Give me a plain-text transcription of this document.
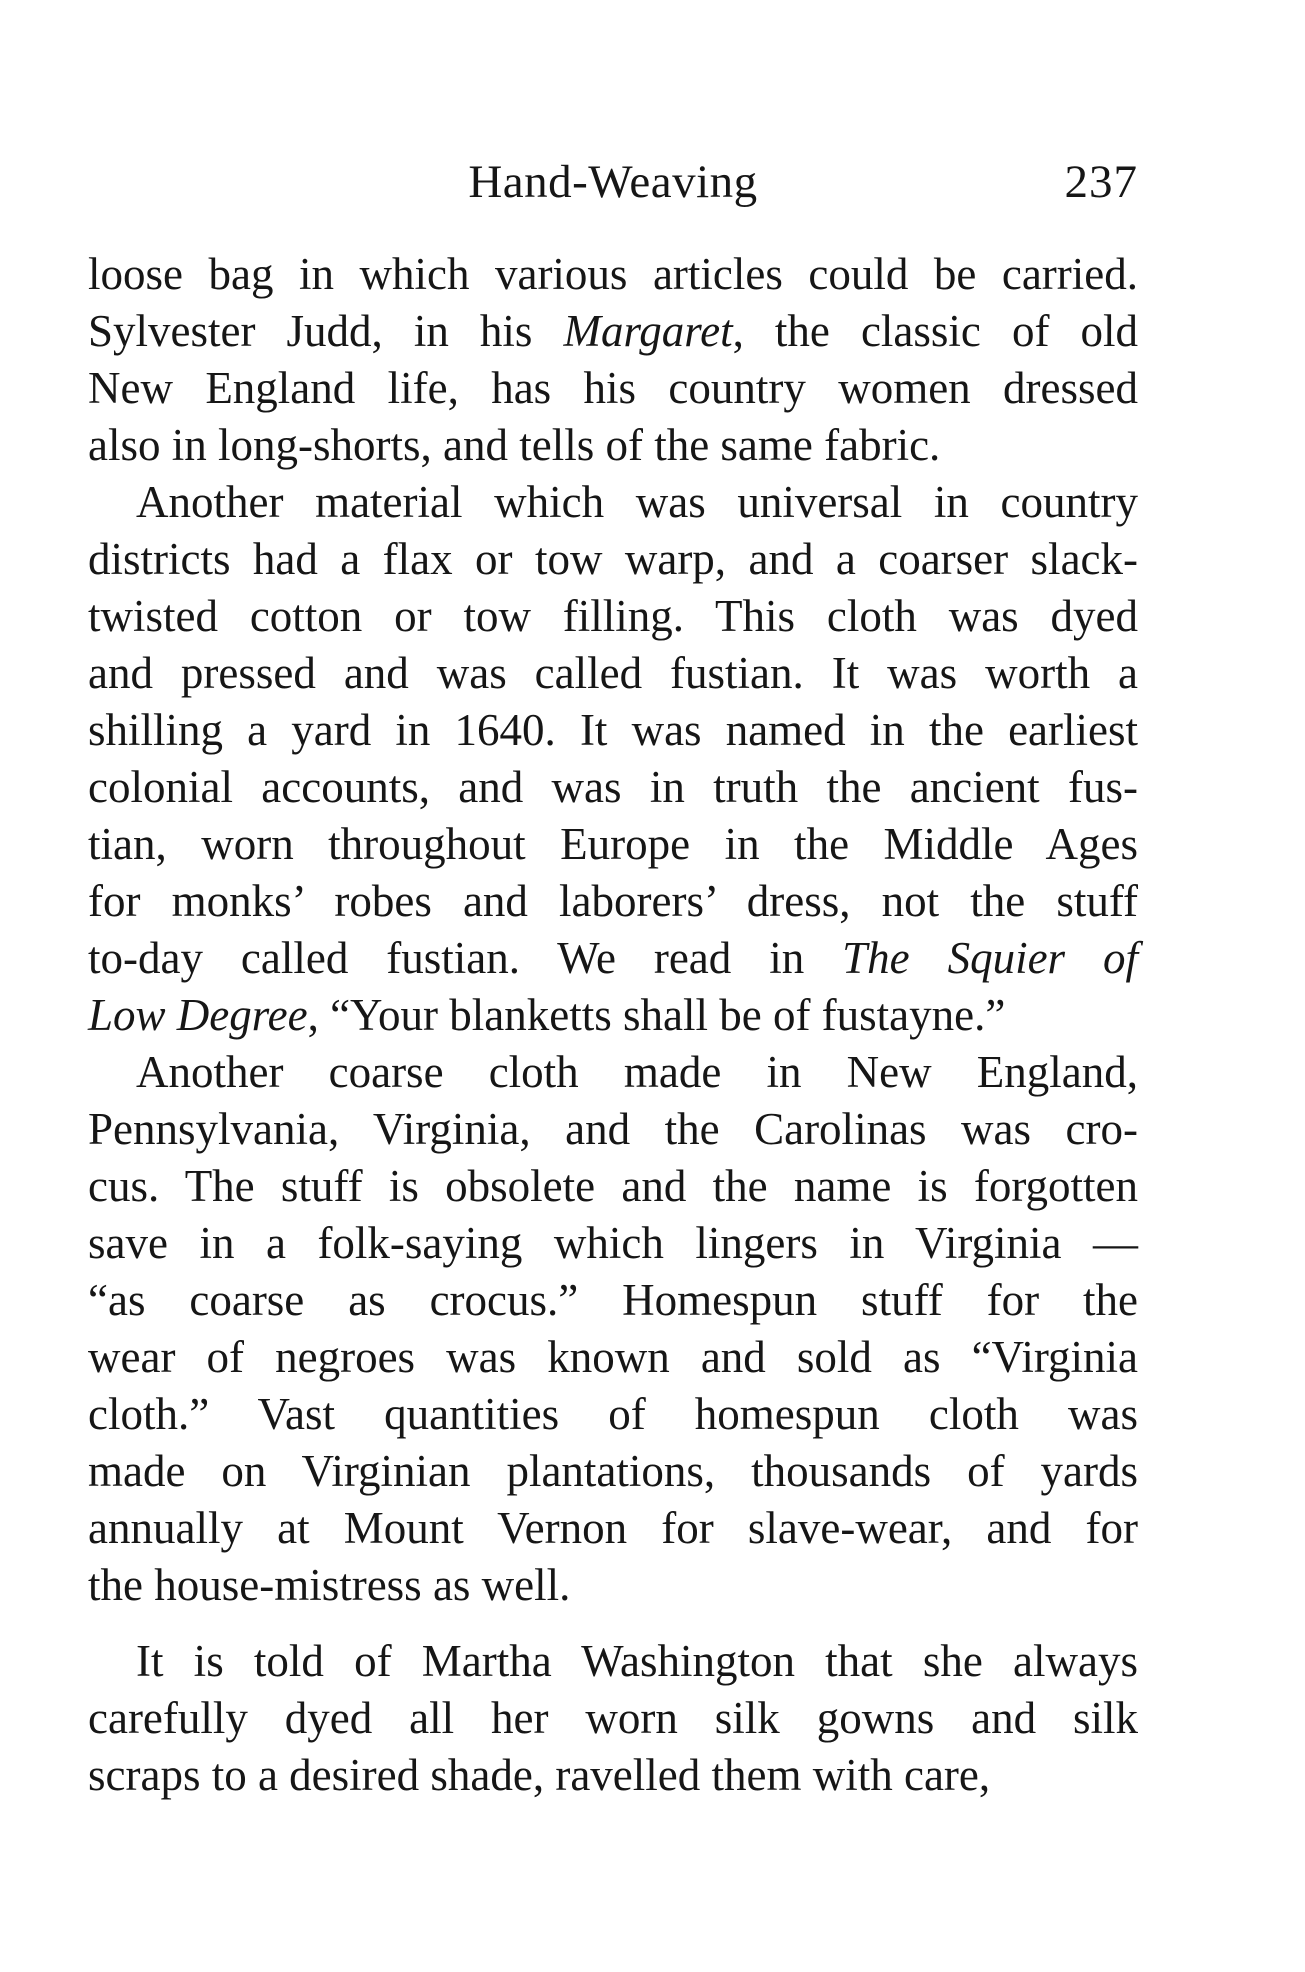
Hand-Weaving	237
loose bag in which various articles could be carried.
Sylvester Judd, in his Margaret, the classic of old
New England life, has his country women dressed
also in long-shorts, and tells of the same fabric.
Another material which was universal in country
districts had a flax or tow warp, and a coarser slack-
twisted cotton or tow filling. This cloth was dyed
and pressed and was called fustian. It was worth a
shilling a yard in 1640. It was named in the earliest
colonial accounts, and was in truth the ancient fus-
tian, worn throughout Europe in the Middle Ages
for monks’ robes and laborers’ dress, not the stuff
to-day called fustian. We read in The Squier of
Low Degree, “Your blanketts shall be of fustayne.”
Another coarse cloth made in New England,
Pennsylvania, Virginia, and the Carolinas was cro-
cus. The stuff is obsolete and the name is forgotten
save in a folk-saying which lingers in Virginia —
“as coarse as crocus.” Homespun stuff for the
wear of negroes was known and sold as “Virginia
cloth.” Vast quantities of homespun cloth was
made on Virginian plantations, thousands of yards
annually at Mount Vernon for slave-wear, and for
the house-mistress as well.
It is told of Martha Washington that she always
carefully dyed all her worn silk gowns and silk
scraps to a desired shade, ravelled them with care,
